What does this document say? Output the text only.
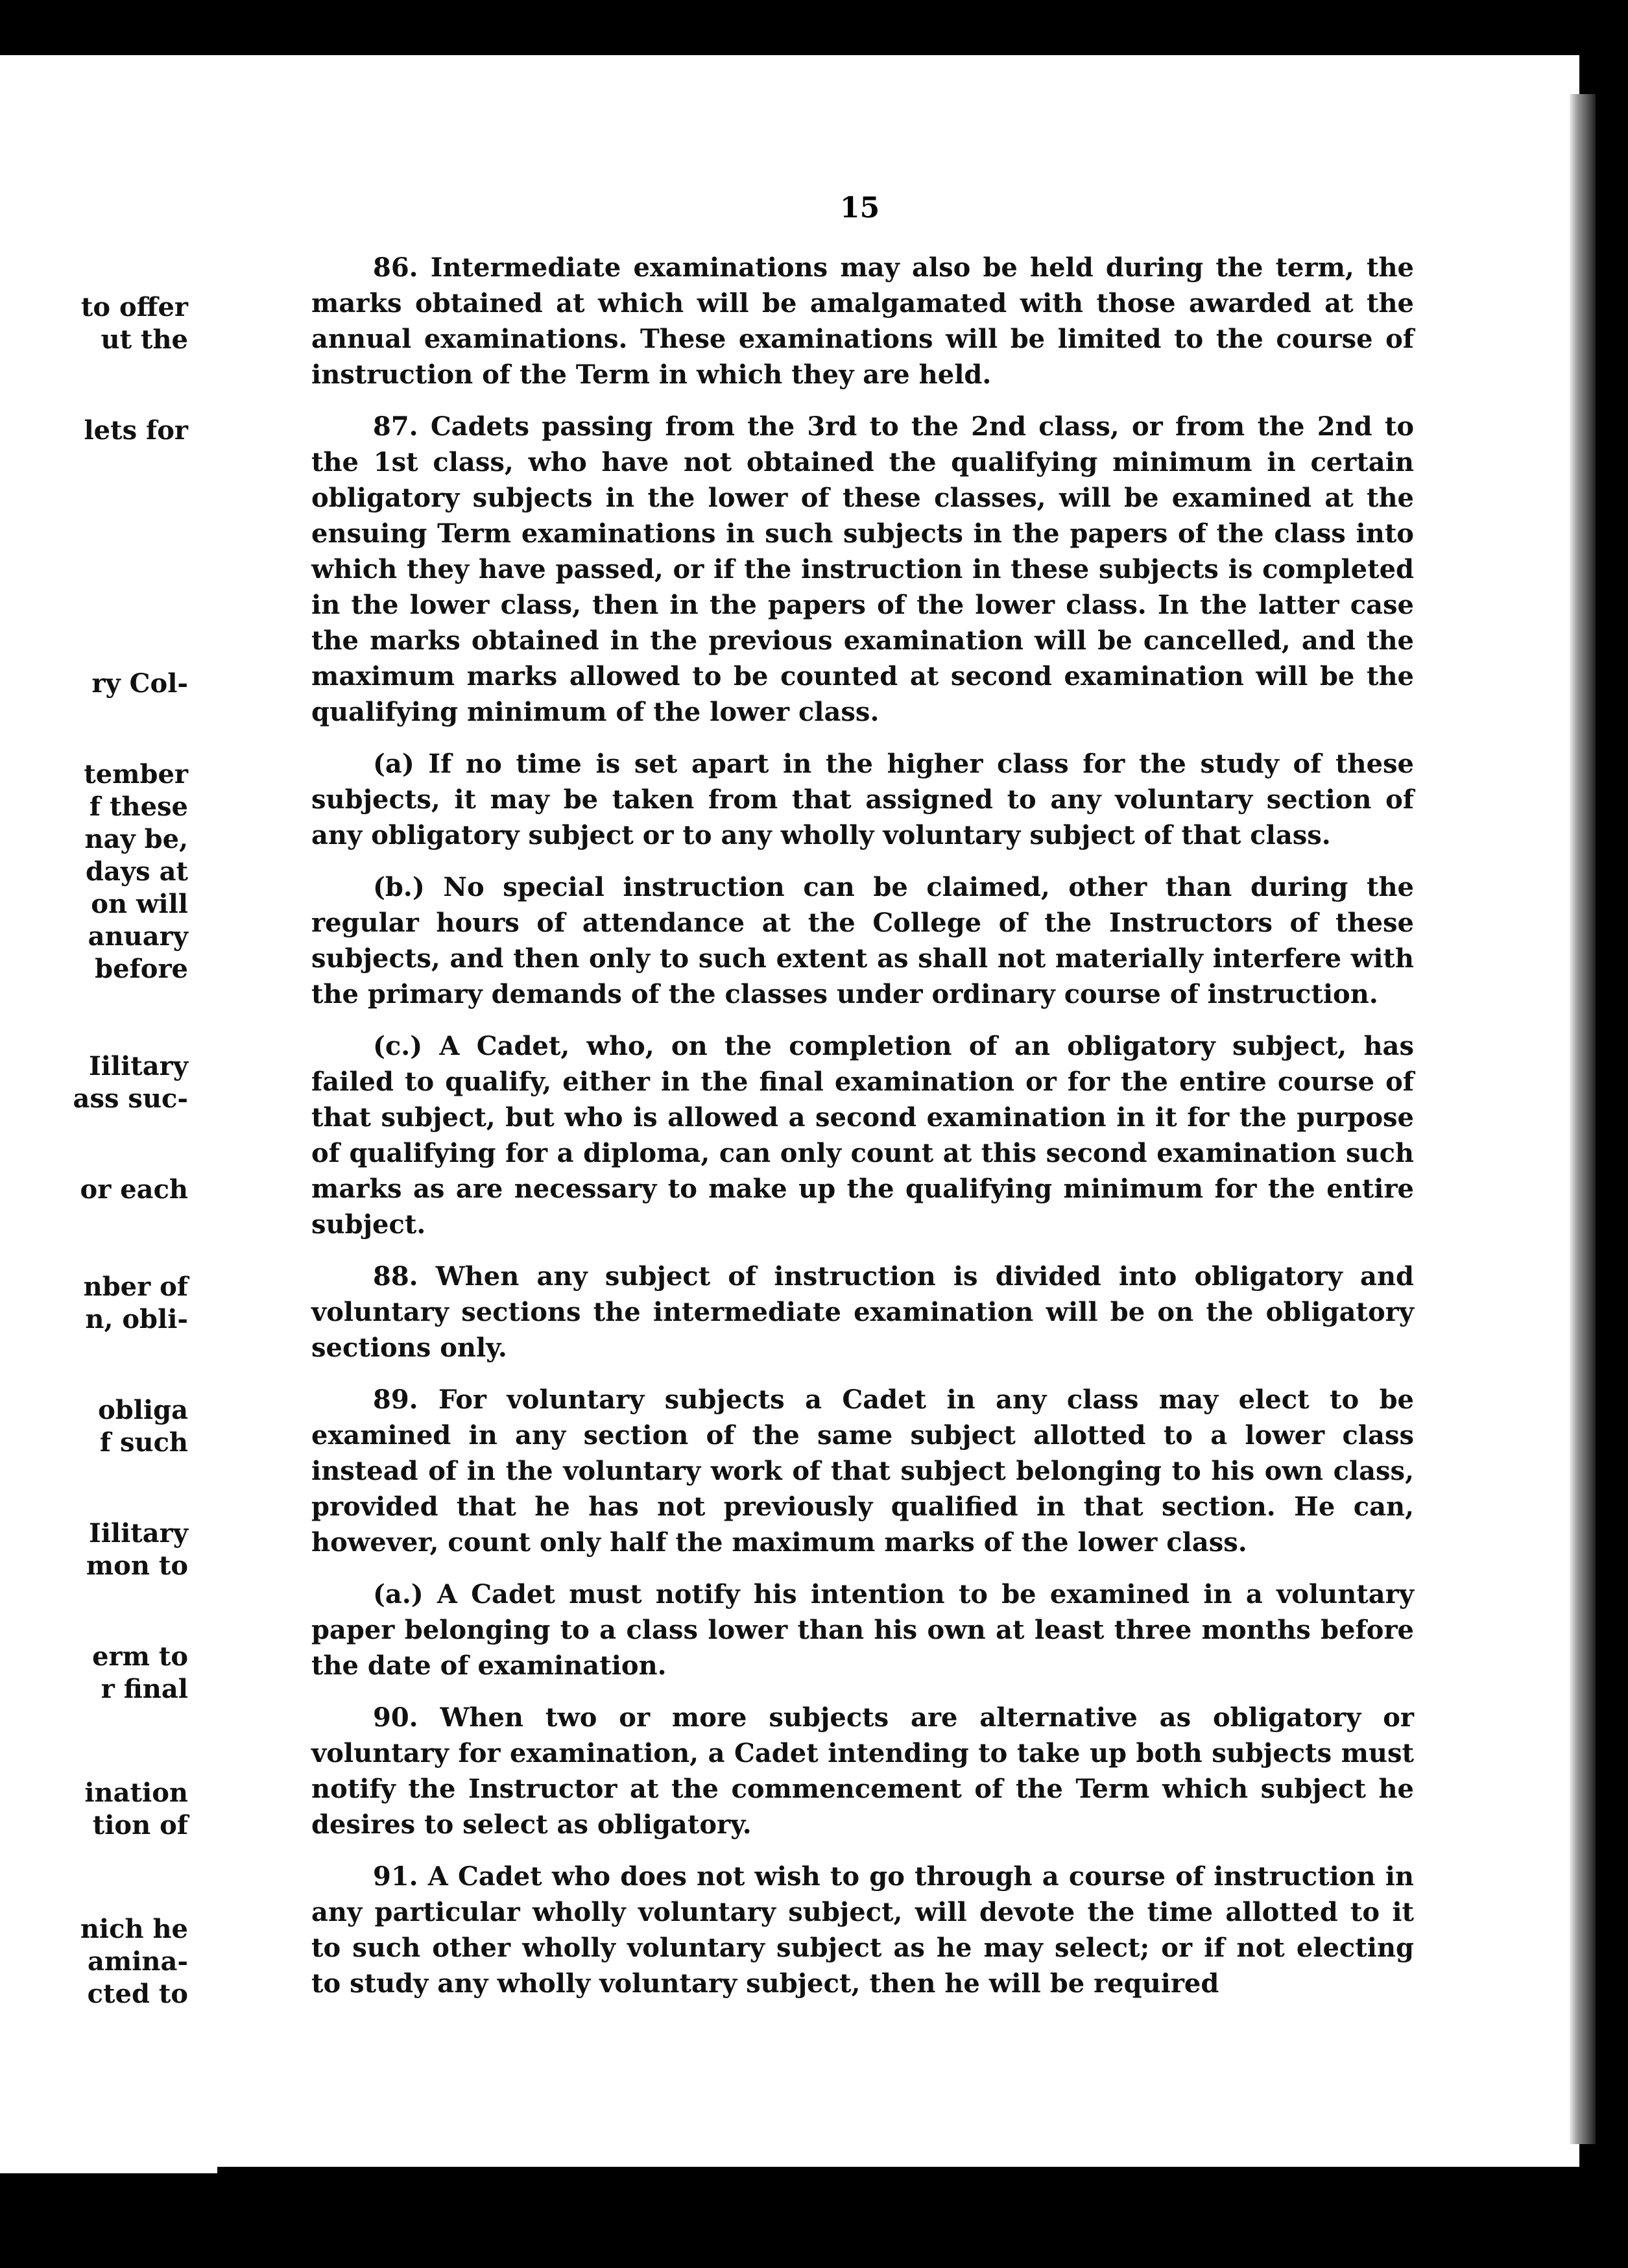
to offer
ut the
lets for
ry Col-
tember
f these
nay be,
days at
on will
anuary
before
Iilitary
ass suc-
or each
nber of
n, obli-
obliga
f such
Iilitary
mon to
erm to
r final
ination
tion of
nich he
amina-
cted to
15

86. Intermediate examinations may also be held during the term, the marks obtained at which will be amalgamated with those awarded at the annual examinations. These examinations will be limited to the course of instruction of the Term in which they are held.

87. Cadets passing from the 3rd to the 2nd class, or from the 2nd to the 1st class, who have not obtained the qualifying minimum in certain obligatory subjects in the lower of these classes, will be examined at the ensuing Term examinations in such subjects in the papers of the class into which they have passed, or if the instruction in these subjects is completed in the lower class, then in the papers of the lower class. In the latter case the marks obtained in the previous examination will be cancelled, and the maximum marks allowed to be counted at second examination will be the qualifying minimum of the lower class.

(a) If no time is set apart in the higher class for the study of these subjects, it may be taken from that assigned to any voluntary section of any obligatory subject or to any wholly voluntary subject of that class.

(b.) No special instruction can be claimed, other than during the regular hours of attendance at the College of the Instructors of these subjects, and then only to such extent as shall not materially interfere with the primary demands of the classes under ordinary course of instruction.

(c.) A Cadet, who, on the completion of an obligatory subject, has failed to qualify, either in the final examination or for the entire course of that subject, but who is allowed a second examination in it for the purpose of qualifying for a diploma, can only count at this second examination such marks as are necessary to make up the qualifying minimum for the entire subject.

88. When any subject of instruction is divided into obligatory and voluntary sections the intermediate examination will be on the obligatory sections only.

89. For voluntary subjects a Cadet in any class may elect to be examined in any section of the same subject allotted to a lower class instead of in the voluntary work of that subject belonging to his own class, provided that he has not previously qualified in that section. He can, however, count only half the maximum marks of the lower class.

(a.) A Cadet must notify his intention to be examined in a voluntary paper belonging to a class lower than his own at least three months before the date of examination.

90. When two or more subjects are alternative as obligatory or voluntary for examination, a Cadet intending to take up both subjects must notify the Instructor at the commencement of the Term which subject he desires to select as obligatory.

91. A Cadet who does not wish to go through a course of instruction in any particular wholly voluntary subject, will devote the time allotted to it to such other wholly voluntary subject as he may select; or if not electing to study any wholly voluntary subject, then he will be required
